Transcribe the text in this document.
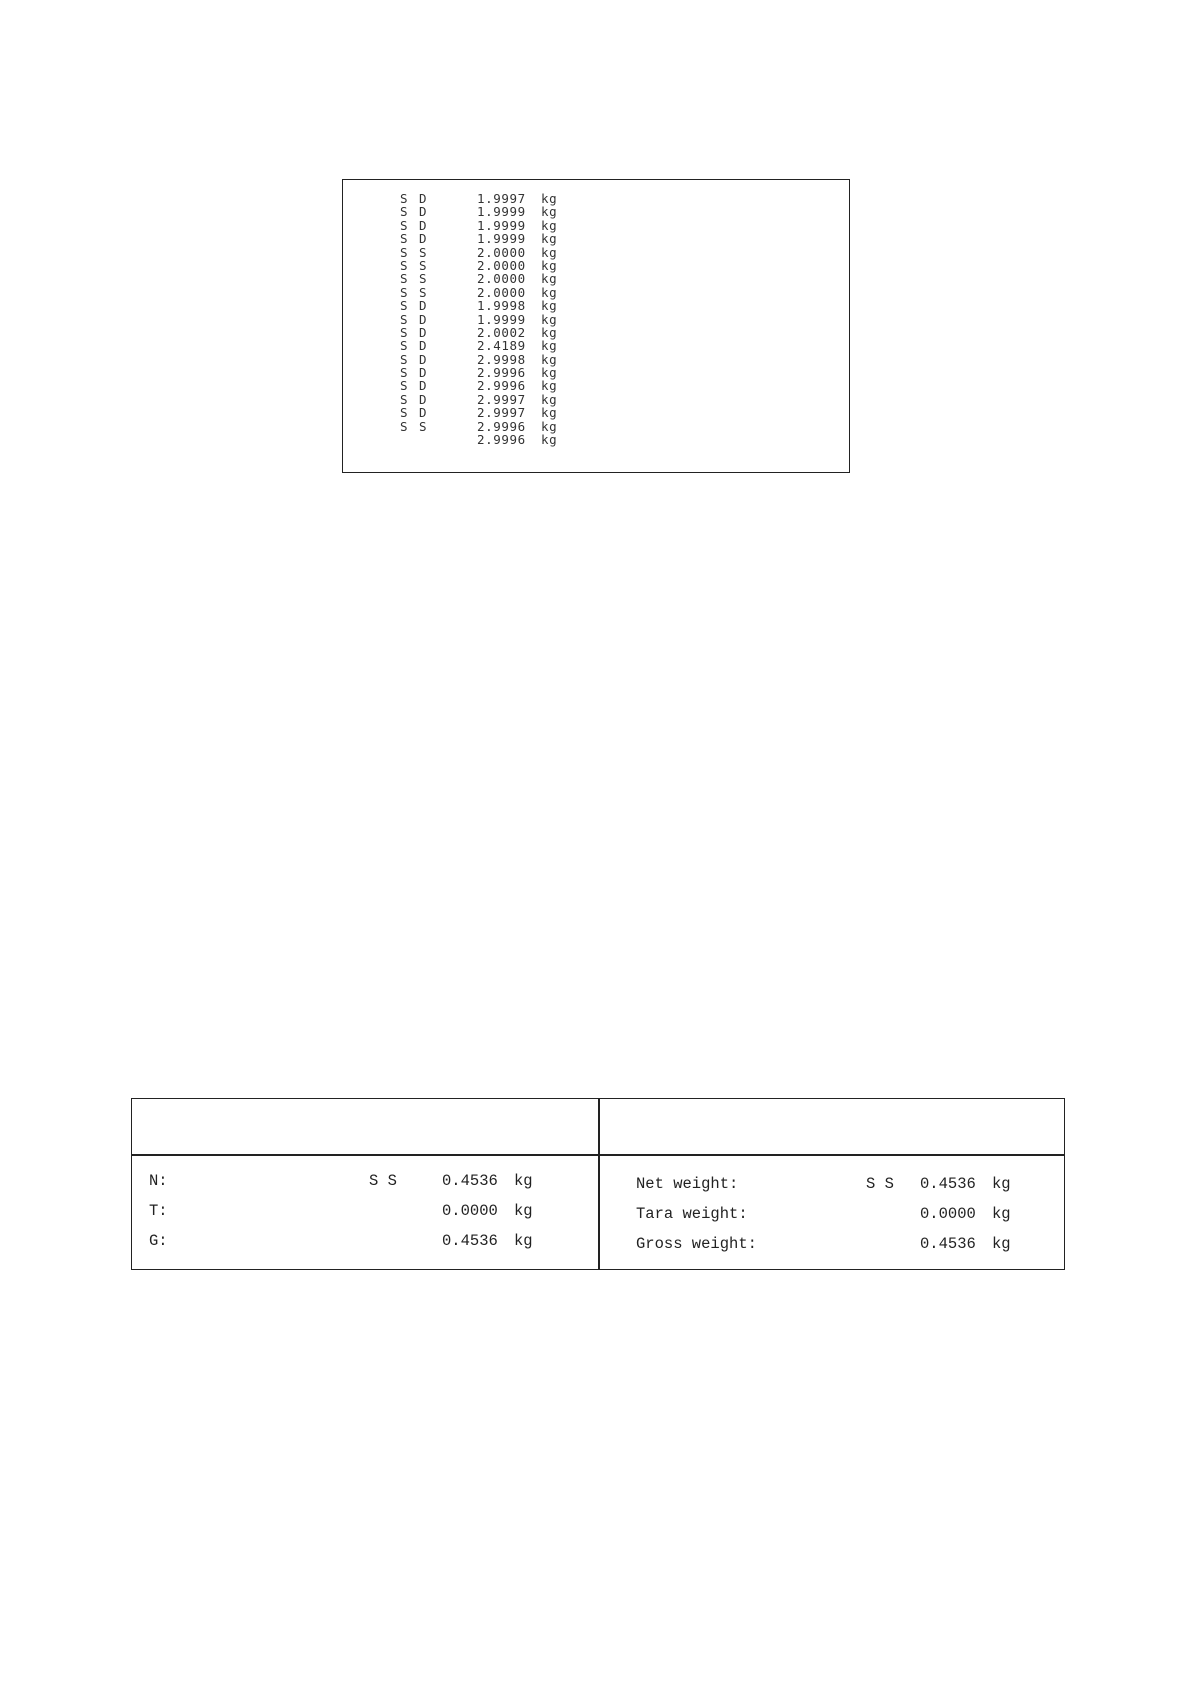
S D	1.9997 kg
S D	1.9999 kg
S D	1.9999 kg
S D	1.9999 kg
S S	2.0000 kg
S S	2.0000 kg
S S	2.0000 kg
S S	2.0000 kg
S D	1.9998 kg
S D	1.9999 kg
S D	2.0002 kg
S D	2.4189 kg
S D	2.9998 kg
S D	2.9996 kg
S D	2.9996 kg
S D	2.9997 kg
S D	2.9997 kg
S S	2.9996 kg
2.9996 kg
N:	S S	0.4536 kg
T:	0.0000 kg
G:	0.4536 kg
Net weight:	S S 0.4536 kg
Tara weight:	0.0000 kg
Gross weight:	0.4536 kg
